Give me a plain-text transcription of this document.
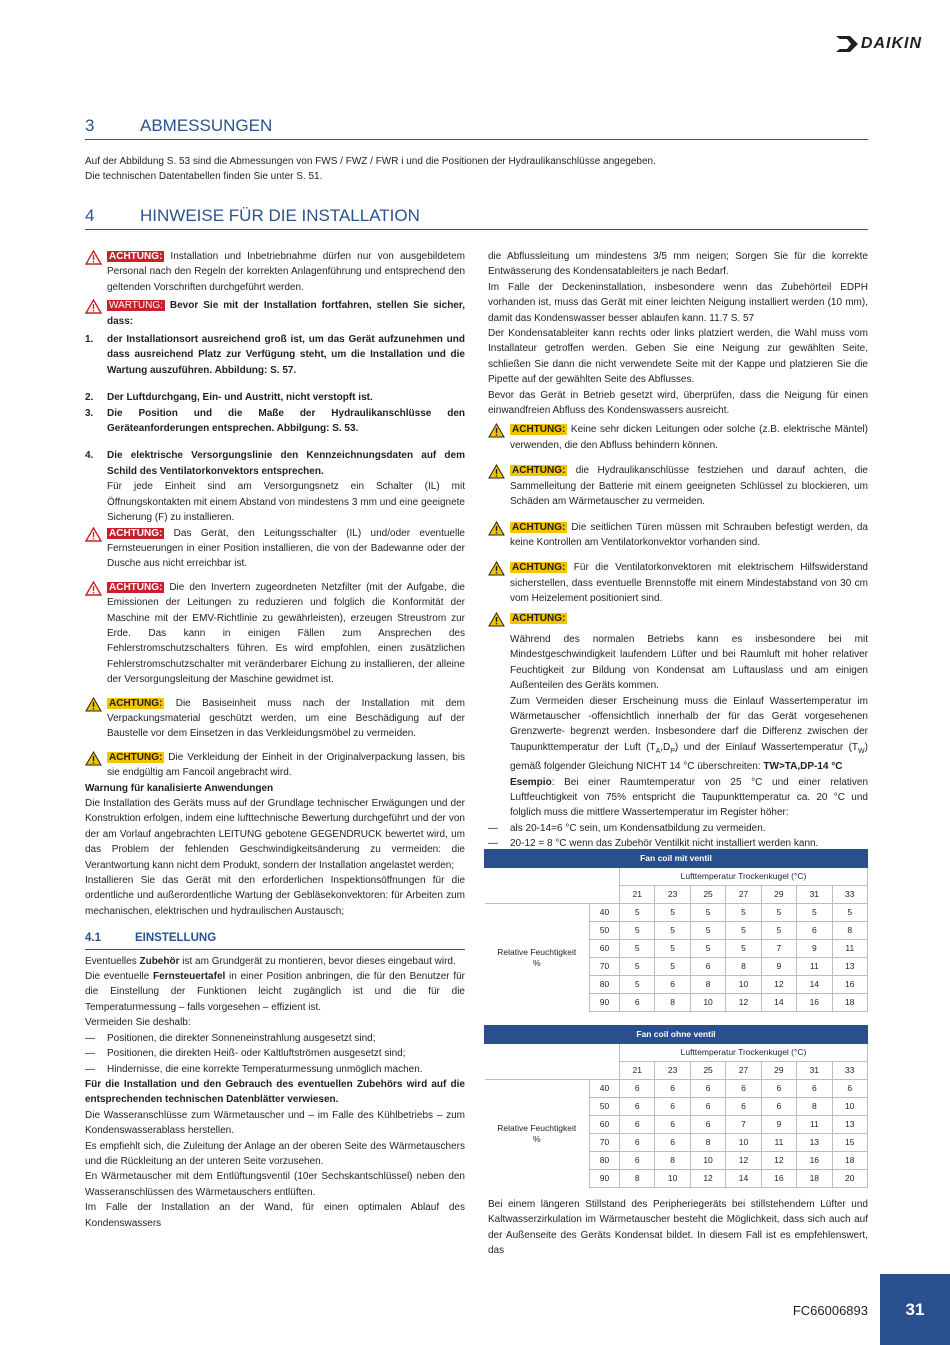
DAIKIN
3	ABMESSUNGEN
Auf der Abbildung S. 53 sind die Abmessungen von FWS / FWZ / FWR i und die Positionen der Hydraulikanschlüsse angegeben.
Die technischen Datentabellen finden Sie unter S. 51.
4	HINWEISE FÜR DIE INSTALLATION
ACHTUNG: Installation und Inbetriebnahme dürfen nur von ausgebildetem Personal nach den Regeln der korrekten Anlagenführung und entsprechend den geltenden Vorschriften durchgeführt werden.
WARTUNG: Bevor Sie mit der Installation fortfahren, stellen Sie sicher, dass:
1.	der Installationsort ausreichend groß ist, um das Gerät aufzunehmen und dass ausreichend Platz zur Verfügung steht, um die Installation und die Wartung auszuführen. Abbildung: S. 57.
2.	Der Luftdurchgang, Ein- und Austritt, nicht verstopft ist.
3.	Die Position und die Maße der Hydraulikanschlüsse den Geräteanforderungen entsprechen. Abbilgung: S. 53.
4.	Die elektrische Versorgungslinie den Kennzeichnungsdaten auf dem Schild des Ventilatorkonvektors entsprechen.
Für jede Einheit sind am Versorgungsnetz ein Schalter (IL) mit Öffnungskontakten mit einem Abstand von mindestens 3 mm und eine geeignete Sicherung (F) zu installieren.
ACHTUNG: Das Gerät, den Leitungsschalter (IL) und/oder eventuelle Fernsteuerungen in einer Position installieren, die von der Badewanne oder der Dusche aus nicht erreichbar ist.
ACHTUNG: Die den Invertern zugeordneten Netzfilter (mit der Aufgabe, die Emissionen der Leitungen zu reduzieren und folglich die Konformität der Maschine mit der EMV-Richtlinie zu gewährleisten), erzeugen Streustrom zur Erde. Das kann in einigen Fällen zum Ansprechen des Fehlerstromschutzschalters führen. Es wird empfohlen, einen zusätzlichen Fehlerstromschutzschalter mit veränderbarer Eichung zu installieren, der alleine der Versorgungsleitung der Maschine gewidmet ist.
ACHTUNG: Die Basiseinheit muss nach der Installation mit dem Verpackungsmaterial geschützt werden, um eine Beschädigung auf der Baustelle vor dem Einsetzen in das Verkleidungsmöbel zu vermeiden.
ACHTUNG: Die Verkleidung der Einheit in der Originalverpackung lassen, bis sie endgültig am Fancoil angebracht wird.
Warnung für kanalisierte Anwendungen
Die Installation des Geräts muss auf der Grundlage technischer Erwägungen und der Konstruktion erfolgen, indem eine lufttechnische Bewertung durchgeführt und der von der am Vorlauf angebrachten LEITUNG gebotene GEGENDRUCK bewertet wird, um das Problem der fehlenden Geschwindigkeitsänderung zu vermeiden: die Verantwortung kann nicht dem Produkt, sondern der Installation angelastet werden;
Installieren Sie das Gerät mit den erforderlichen Inspektionsöffnungen für die ordentliche und außerordentliche Wartung der Gebläsekonvektoren: für Arbeiten zum mechanischen, elektrischen und hydraulischen Austausch;
4.1	EINSTELLUNG
Eventuelles Zubehör ist am Grundgerät zu montieren, bevor dieses eingebaut wird.
Die eventuelle Fernsteuertafel in einer Position anbringen, die für den Benutzer für die Einstellung der Funktionen leicht zugänglich ist und die für die Temperaturmessung – falls vorgesehen – effizient ist.
Vermeiden Sie deshalb:
—	Positionen, die direkter Sonneneinstrahlung ausgesetzt sind;
—	Positionen, die direkten Heiß- oder Kaltluftströmen ausgesetzt sind;
—	Hindernisse, die eine korrekte Temperaturmessung unmöglich machen.
Für die Installation und den Gebrauch des eventuellen Zubehörs wird auf die entsprechenden technischen Datenblätter verwiesen.
Die Wasseranschlüsse zum Wärmetauscher und – im Falle des Kühlbetriebs – zum Kondenswasserablass herstellen.
Es empfiehlt sich, die Zuleitung der Anlage an der oberen Seite des Wärmetauschers und die Rückleitung an der unteren Seite vorzusehen.
En Wärmetauscher mit dem Entlüftungsventil (10er Sechskantschlüssel) neben den Wasseranschlüssen des Wärmetauschers entlüften.
Im Falle der Installation an der Wand, für einen optimalen Ablauf des Kondenswassers
die Abflussleitung um mindestens 3/5 mm neigen; Sorgen Sie für die korrekte Entwässerung des Kondensatableiters je nach Bedarf.
Im Falle der Deckeninstallation, insbesondere wenn das Zubehörteil EDPH vorhanden ist, muss das Gerät mit einer leichten Neigung installiert werden (10 mm), damit das Kondenswasser besser ablaufen kann. 11.7 S. 57
Der Kondensatableiter kann rechts oder links platziert werden, die Wahl muss vom Installateur getroffen werden. Geben Sie eine Neigung zur gewählten Seite, schließen Sie dann die nicht verwendete Seite mit der Kappe und platzieren Sie die Pipette auf der gewählten Seite des Abflusses.
Bevor das Gerät in Betrieb gesetzt wird, überprüfen, dass die Neigung für einen einwandfreien Abfluss des Kondenswassers ausreicht.
ACHTUNG: Keine sehr dicken Leitungen oder solche (z.B. elektrische Mäntel) verwenden, die den Abfluss behindern können.
ACHTUNG: die Hydraulikanschlüsse festziehen und darauf achten, die Sammelleitung der Batterie mit einem geeigneten Schlüssel zu blockieren, um Schäden am Wärmetauscher zu vermeiden.
ACHTUNG: Die seitlichen Türen müssen mit Schrauben befestigt werden, da keine Kontrollen am Ventilatorkonvektor vorhanden sind.
ACHTUNG: Für die Ventilatorkonvektoren mit elektrischem Hilfswiderstand sicherstellen, dass eventuelle Brennstoffe mit einem Mindestabstand von 30 cm vom Heizelement positioniert sind.
ACHTUNG:
Während des normalen Betriebs kann es insbesondere bei mit Mindestgeschwindigkeit laufendem Lüfter und bei Raumluft mit hoher relativer Feuchtigkeit zur Bildung von Kondensat am Luftauslass und am einigen Außenteilen des Geräts kommen.
Zum Vermeiden dieser Erscheinung muss die Einlauf Wassertemperatur im Wärmetauscher -offensichtlich innerhalb der für das Gerät vorgesehenen Grenzwerte- begrenzt werden. Insbesondere darf die Differenz zwischen der Taupunkttemperatur der Luft $(T_A,D_P)$ und der Einlauf Wassertemperatur $(T_W)$ gemäß folgender Gleichung NICHT 14 °C überschreiten: TW>TA,DP-14 °C
Esempio: Bei einer Raumtemperatur von 25 °C und einer relativen Luftfeuchtigkeit von 75% entspricht die Taupunkttemperatur ca. 20 °C und folglich muss die mittlere Wassertemperatur im Register höher:
—	als 20-14=6 °C sein, um Kondensatbildung zu vermeiden.
—	20-12 = 8 °C wenn das Zubehör Ventilkit nicht installiert werden kann.
Fan coil mit ventil								
		Lufttemperatur Trockenkugel (°C)						
		21	23	25	27	29	31	33

Relative Feuchtigkeit %	40	5	5	5	5	5	5	5
	50	5	5	5	5	5	6	8
	60	5	5	5	5	7	9	11
	70	5	5	6	8	9	11	13
	80	5	6	8	10	12	14	16
	90	6	8	10	12	14	16	18
Fan coil ohne ventil								
		Lufttemperatur Trockenkugel (°C)						
		21	23	25	27	29	31	33

Relative Feuchtigkeit %	40	6	6	6	6	6	6	6
	50	6	6	6	6	6	8	10
	60	6	6	6	7	9	11	13
	70	6	6	8	10	11	13	15
	80	6	8	10	12	12	16	18
	90	8	10	12	14	16	18	20
Bei einem längeren Stillstand des Peripheriegeräts bei stillstehendem Lüfter und Kaltwasserzirkulation im Wärmetauscher besteht die Möglichkeit, dass sich auch auf der Außenseite des Geräts Kondensat bildet. In diesem Fall ist es empfehlenswert, das
FC66006893	31
